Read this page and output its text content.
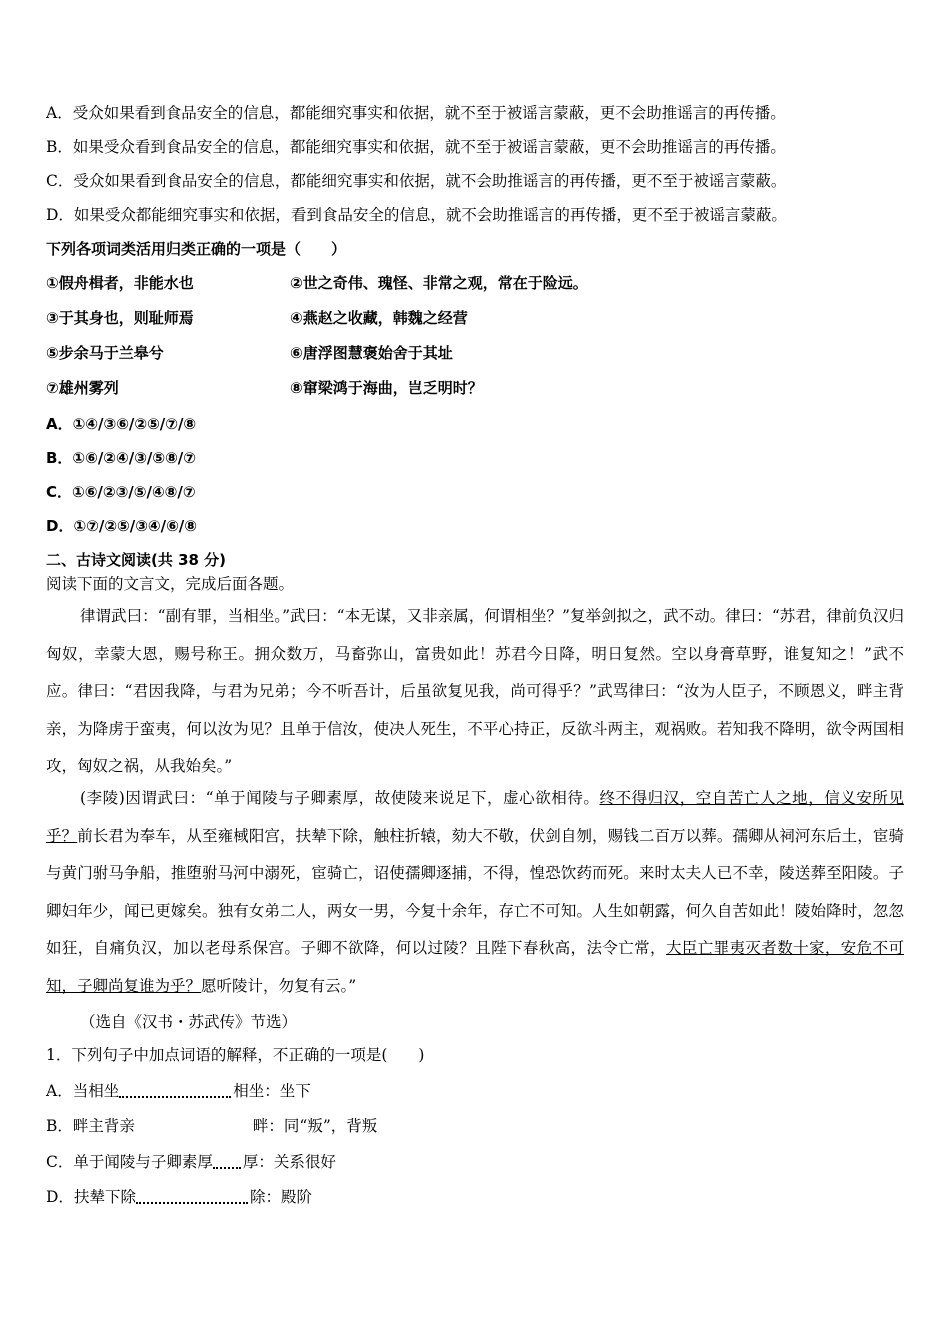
A．受众如果看到食品安全的信息，都能细究事实和依据，就不至于被谣言蒙蔽，更不会助推谣言的再传播。
B．如果受众看到食品安全的信息，都能细究事实和依据，就不至于被谣言蒙蔽，更不会助推谣言的再传播。
C．受众如果看到食品安全的信息，都能细究事实和依据，就不会助推谣言的再传播，更不至于被谣言蒙蔽。
D．如果受众都能细究事实和依据，看到食品安全的信息，就不会助推谣言的再传播，更不至于被谣言蒙蔽。
下列各项词类活用归类正确的一项是（　　）
①假舟楫者，非能水也	②世之奇伟、瑰怪、非常之观，常在于险远。
③于其身也，则耻师焉	④燕赵之收藏，韩魏之经营
⑤步余马于兰皋兮	⑥唐浮图慧褒始舍于其址
⑦雄州雾列	⑧窜梁鸿于海曲，岂乏明时？
A．①④/③⑥/②⑤/⑦/⑧
B．①⑥/②④/③/⑤⑧/⑦
C．①⑥/②③/⑤/④⑧/⑦
D．①⑦/②⑤/③④/⑥/⑧
二、古诗文阅读(共 38 分)
阅读下面的文言文，完成后面各题。
律谓武曰：“副有罪，当相坐。”武曰：“本无谋，又非亲属，何谓相坐？”复举剑拟之，武不动。律曰：“苏君，律前负汉归匈奴，幸蒙大恩，赐号称王。拥众数万，马畜弥山，富贵如此！苏君今日降，明日复然。空以身膏草野，谁复知之！”武不应。律曰：“君因我降，与君为兄弟；今不听吾计，后虽欲复见我，尚可得乎？”武骂律曰：“汝为人臣子，不顾恩义，畔主背亲，为降虏于蛮夷，何以汝为见？且单于信汝，使决人死生，不平心持正，反欲斗两主，观祸败。若知我不降明，欲令两国相攻，匈奴之祸，从我始矣。”
(李陵)因谓武曰：“单于闻陵与子卿素厚，故使陵来说足下，虚心欲相待。终不得归汉，空自苦亡人之地，信义安所见乎？前长君为奉车，从至雍棫阳宫，扶辇下除，触柱折辕，劾大不敬，伏剑自刎，赐钱二百万以葬。孺卿从祠河东后土，宦骑与黄门驸马争船，推堕驸马河中溺死，宦骑亡，诏使孺卿逐捕，不得，惶恐饮药而死。来时太夫人已不幸，陵送葬至阳陵。子卿妇年少，闻已更嫁矣。独有女弟二人，两女一男，今复十余年，存亡不可知。人生如朝露，何久自苦如此！陵始降时，忽忽如狂，自痛负汉，加以老母系保宫。子卿不欲降，何以过陵？且陛下春秋高，法令亡常，大臣亡罪夷灭者数十家，安危不可知，子卿尚复谁为乎？愿听陵计，勿复有云。”
（选自《汉书・苏武传》节选）
1．下列句子中加点词语的解释，不正确的一项是(　　)
A．当相坐	相坐：坐下
B．畔主背亲	畔：同“叛”，背叛
C．单于闻陵与子卿素厚 厚：关系很好
D．扶辇下除	除：殿阶
